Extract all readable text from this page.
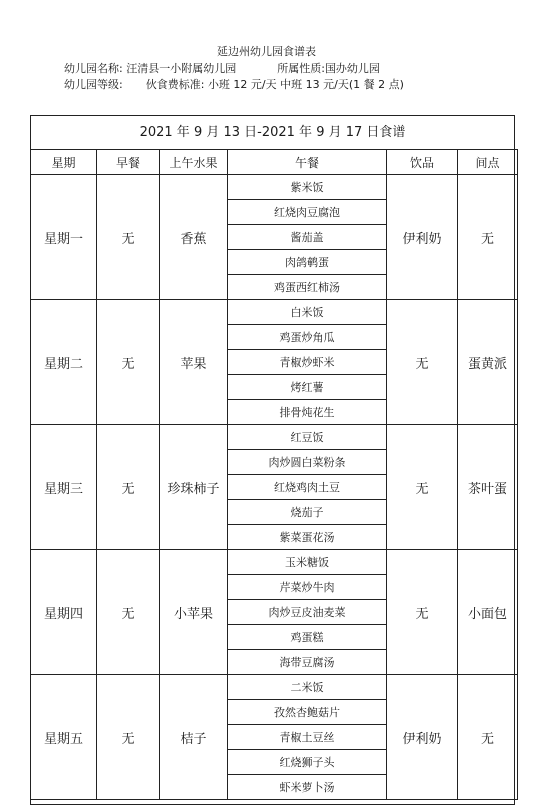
延边州幼儿园食谱表
幼儿园名称: 汪清县一小附属幼儿园	所属性质:国办幼儿园
幼儿园等级: 伙食费标准: 小班 12 元/天 中班 13 元/天(1 餐 2 点)
2021 年 9 月 13 日-2021 年 9 月 17 日食谱
星期	早餐	上午水果	午餐	饮品	间点
星期一	无	香蕉	紫米饭	伊利奶	无
			红烧肉豆腐泡		
			酱茄盖		
			肉鸽鹌蛋		
			鸡蛋西红柿汤		
星期二	无	苹果	白米饭	无	蛋黄派
			鸡蛋炒角瓜		
			青椒炒虾米		
			烤红薯		
			排骨炖花生		
星期三	无	珍珠柿子	红豆饭	无	茶叶蛋
			肉炒圆白菜粉条		
			红烧鸡肉土豆		
			烧茄子		
			紫菜蛋花汤		
星期四	无	小苹果	玉米糖饭	无	小面包
			芹菜炒牛肉		
			肉炒豆皮油麦菜		
			鸡蛋糕		
			海带豆腐汤		
星期五	无	桔子	二米饭	伊利奶	无
			孜然杏鲍菇片		
			青椒土豆丝		
			红烧狮子头		
			虾米萝卜汤		
